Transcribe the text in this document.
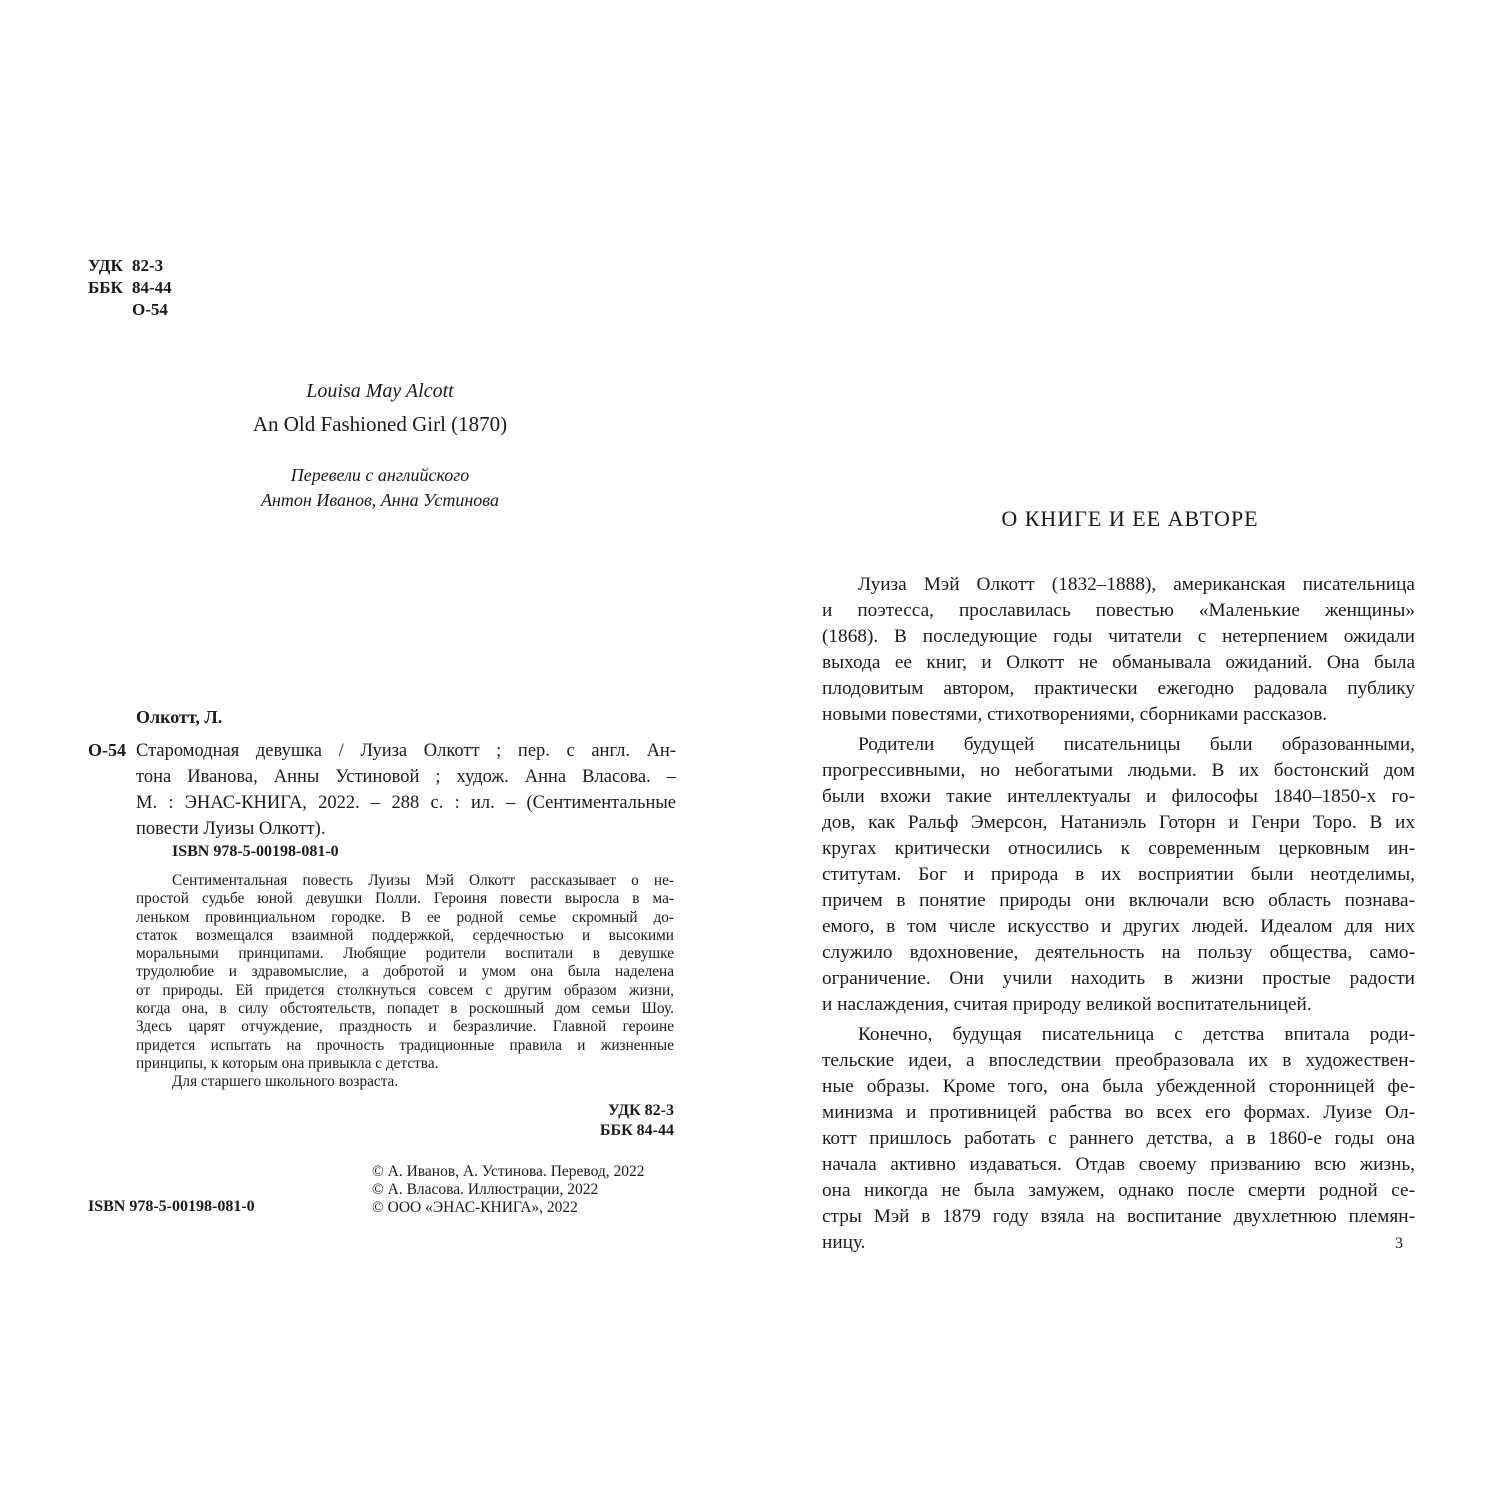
УДК 82-3
ББК 84-44
О-54
Louisa May Alcott
An Old Fashioned Girl (1870)
Перевели с английского
Антон Иванов, Анна Устинова
Олкотт, Л.
О-54 Старомодная девушка / Луиза Олкотт ; пер. с англ. Ан-
тона Иванова, Анны Устиновой ; худож. Анна Власова. –
М. : ЭНАС-КНИГА, 2022. – 288 с. : ил. – (Сентиментальные
повести Луизы Олкотт).
ISBN 978-5-00198-081-0
Сентиментальная повесть Луизы Мэй Олкотт рассказывает о не-
простой судьбе юной девушки Полли. Героиня повести выросла в ма-
леньком провинциальном городке. В ее родной семье скромный до-
статок возмещался взаимной поддержкой, сердечностью и высокими
моральными принципами. Любящие родители воспитали в девушке
трудолюбие и здравомыслие, а добротой и умом она была наделена
от природы. Ей придется столкнуться совсем с другим образом жизни,
когда она, в силу обстоятельств, попадет в роскошный дом семьи Шоу.
Здесь царят отчуждение, праздность и безразличие. Главной героине
придется испытать на прочность традиционные правила и жизненные
принципы, к которым она привыкла с детства.
Для старшего школьного возраста.
УДК 82-3
ББК 84-44
© А. Иванов, А. Устинова. Перевод, 2022
© А. Власова. Иллюстрации, 2022
© ООО «ЭНАС-КНИГА», 2022
ISBN 978-5-00198-081-0
О КНИГЕ И ЕЕ АВТОРЕ
Луиза Мэй Олкотт (1832–1888), американская писательница
и поэтесса, прославилась повестью «Маленькие женщины»
(1868). В последующие годы читатели с нетерпением ожидали
выхода ее книг, и Олкотт не обманывала ожиданий. Она была
плодовитым автором, практически ежегодно радовала публику
новыми повестями, стихотворениями, сборниками рассказов.
Родители будущей писательницы были образованными,
прогрессивными, но небогатыми людьми. В их бостонский дом
были вхожи такие интеллектуалы и философы 1840–1850-х го-
дов, как Ральф Эмерсон, Натаниэль Готорн и Генри Торо. В их
кругах критически относились к современным церковным ин-
ститутам. Бог и природа в их восприятии были неотделимы,
причем в понятие природы они включали всю область познава-
емого, в том числе искусство и других людей. Идеалом для них
служило вдохновение, деятельность на пользу общества, само-
ограничение. Они учили находить в жизни простые радости
и наслаждения, считая природу великой воспитательницей.
Конечно, будущая писательница с детства впитала роди-
тельские идеи, а впоследствии преобразовала их в художествен-
ные образы. Кроме того, она была убежденной сторонницей фе-
минизма и противницей рабства во всех его формах. Луизе Ол-
котт пришлось работать с раннего детства, а в 1860-е годы она
начала активно издаваться. Отдав своему призванию всю жизнь,
она никогда не была замужем, однако после смерти родной се-
стры Мэй в 1879 году взяла на воспитание двухлетнюю племян-
ницу.	3
